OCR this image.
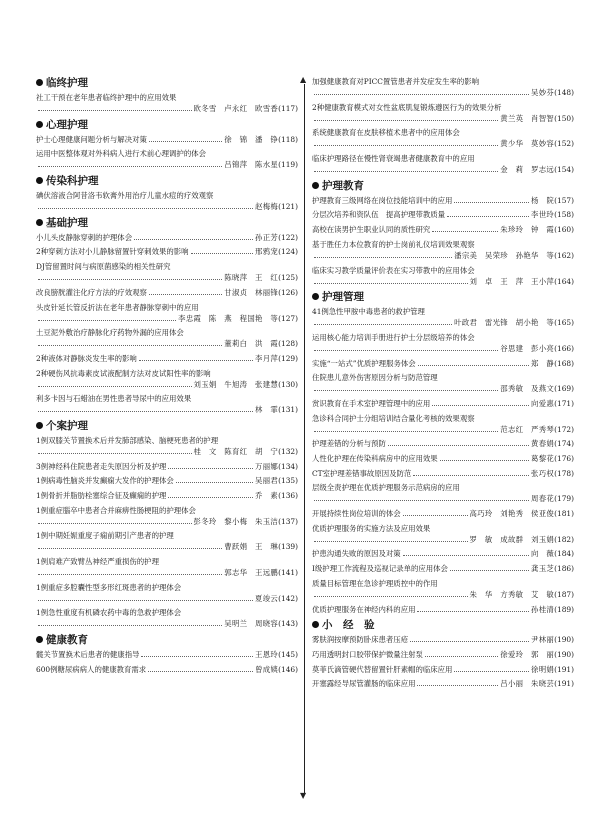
▲
▼
临终护理
社工干预在老年患者临终护理中的应用效果
欧冬雪　卢永红　欧雪香 (117)
心理护理
护士心理健康问题分析与解决对策	徐　锦　潘　铮 (118)
运用中医整体观对外科病人进行术前心理调护的体会
吕锦萍　陈水星 (119)
传染科护理
碘伏溶液合阿昔洛韦软膏外用治疗儿童水痘的疗效观察
赵梅梅 (121)
基础护理
小儿头皮静脉穿刺的护理体会	孙正芳 (122)
2种穿刺方法对小儿静脉留置针穿刺效果的影响	邢鸦宠 (124)
DJ管留置时间与病原菌感染的相关性研究
陈晓萍　王　红 (125)
改良膀胱灌注化疗方法的疗效观察	甘淑贞　林丽锋 (126)
头皮针延长管反折法在老年患者静脉穿刺中的应用
李忠霞　陈　燕　程国艳　等 (127)
土豆泥外敷治疗静脉化疗药物外漏的应用体会
董莉白　洪　霞 (128)
2种液体对静脉炎发生率的影响	李月萍 (129)
2种硬伤风抗毒素皮试液配制方法对皮试阳性率的影响
刘玉娟　牛旭涛　张建慧 (130)
利多卡因与石蜡油在男性患者导尿中的应用效果
林　霏 (131)
个案护理
1例双膝关节置换术后并发肺部感染、脑梗死患者的护理
桂　文　陈育红　胡　宁 (132)
3例神经科住院患者走失原因分析及护理	万丽娜 (134)
1例病毒性脑炎并发癫痫大发作的护理体会	吴丽君 (135)
1例骨折并脂肪栓塞综合征及癫痫的护理	乔　素 (136)
1例重症腦卒中患者合并麻痹性肠梗阻的护理体会
彭冬玲　黎小梅　朱玉洁 (137)
1例中期妊娠重度子痫前期引产患者的护理
曹跃娟　王　琳 (139)
1例肩难产致臂丛神经严重损伤的护理
郭志华　王远鹏 (141)
1例重症多腔囊性型多形红斑患者的护理体会
夏竣云 (142)
1例急性重度有机磷农药中毒的急救护理体会
吴明兰　周晓容 (143)
健康教育
髋关节置换术后患者的健康指导	王恩玲 (145)
600例糖尿病病人的健康教育需求	曾成姨 (146)
加强健康教育对PICC置管患者并发症发生率的影响
吴妙芬 (148)
2种健康教育模式对女性盆底肌复锻炼遵医行为的效果分析
黄兰英　肖智智 (150)
系统健康教育在皮肤移植术患者中的应用体会
黄少华　莫妙容 (152)
临床护理路径在慢性肾衰竭患者健康教育中的应用
金　莉　罗志远 (154)
护理教育
护理教育三级网络在岗位技能培训中的应用	杨　院 (157)
分层次培养和资队伍　提高护理带教质量	李世玲 (158)
高校在读男护生职业认同的质性研究	朱珍玲　钟　霞 (160)
基于胜任力本位教育的护士岗前礼仪培训效果观察
潘宗美　吴荣珍　孙艳华　等 (162)
临床实习教学质量评价表在实习带教中的应用体会
刘　卓　王　萍　王小萍 (164)
护理管理
41例急性甲胺中毒患者的救护管理
叶政君　雷光锋　胡小艳　等 (165)
运用核心能力培训手册进行护士分层级培养的体会
谷思建　彭小亮 (166)
实施“一站式”优质护理服务体会	郑　静 (168)
住院患儿意外伤害原因分析与防范管理
邵秀敏　及燕文 (169)
赏识教育在手术室护理管理中的应用	向爱惠 (171)
急诊科合同护士分组培训结合量化考核的效果观察
范志红　严秀琴 (172)
护理差错的分析与预防	黄春娟 (174)
人性化护理在传染科病房中的应用效果	葛黎花 (176)
CT室护理差错事故原因及防范	张巧权 (178)
层级全责护理在优质护理服务示范病房的应用
周春花 (179)
开展持续性岗位培训的体会	高巧玲　刘艳秀　侯亚俊 (181)
优质护理服务的实施方法及应用效果
罗　敏　成故群　刘玉娟 (182)
护患沟通失败的原因及对策	向　薇 (184)
Ⅰ级护理工作流程及巡视记录单的应用体会	龚玉芝 (186)
质量目标管理在急诊护理质控中的作用
朱　华　方秀敏　艾　敏 (187)
优质护理服务在神经内科的应用	孙桂清 (189)
小　经　验
雾肤润按摩预防卧床患者压疮	尹林丽 (190)
巧用透明封口胶带保护微量注射泵	徐爱玲　郭　丽 (190)
莫菲氏滴管硬代替留置针肝素帽的临床应用	徐明娟 (191)
开塞露经导尿管灌肠的临床应用	吕小丽　朱晓芸 (191)
